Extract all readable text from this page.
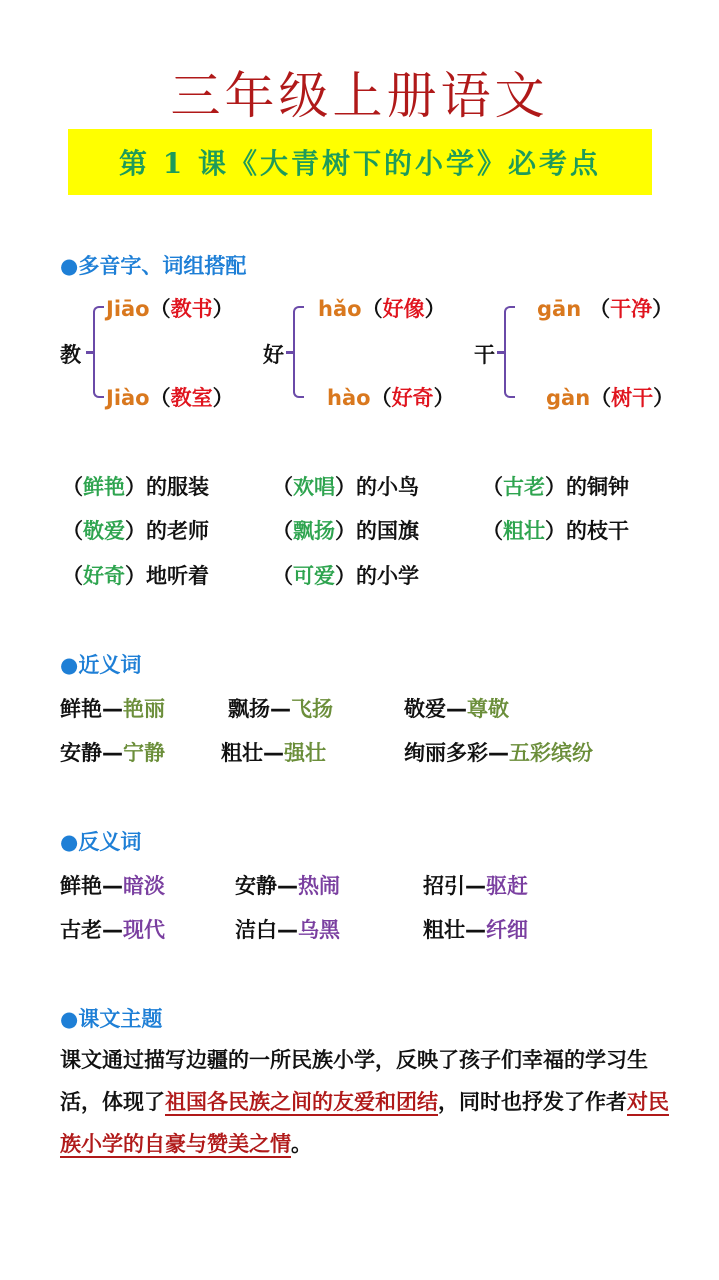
三年级上册语文
第 1 课《大青树下的小学》必考点
●多音字、词组搭配
教
Jiāo（教书）
Jiào（教室）
好
hǎo（好像）
hào（好奇）
干
gān （干净）
gàn（树干）
（鲜艳）的服装	（欢唱）的小鸟	（古老）的铜钟
（敬爱）的老师	（飘扬）的国旗	（粗壮）的枝干
（好奇）地听着	（可爱）的小学
●近义词
鲜艳—艳丽	飘扬—飞扬	敬爱—尊敬
安静—宁静	粗壮—强壮	绚丽多彩—五彩缤纷
●反义词
鲜艳—暗淡	安静—热闹	招引—驱赶
古老—现代	洁白—乌黑	粗壮—纤细
●课文主题
课文通过描写边疆的一所民族小学，反映了孩子们幸福的学习生活，体现了祖国各民族之间的友爱和团结，同时也抒发了作者对民族小学的自豪与赞美之情。
